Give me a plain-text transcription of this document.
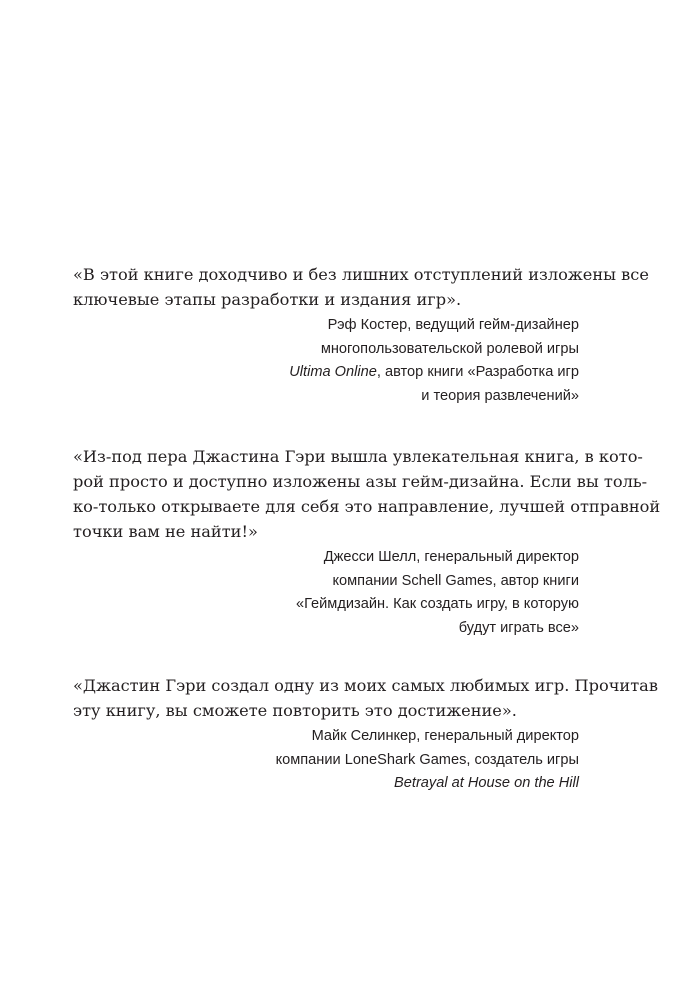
«В этой книге доходчиво и без лишних отступлений изложены все
ключевые этапы разработки и издания игр».

Рэф Костер, ведущий гейм-дизайнер
многопользовательской ролевой игры
Ultima Online, автор книги «Разработка игр
и теория развлечений»

«Из-под пера Джастина Гэри вышла увлекательная книга, в кото-
рой просто и доступно изложены азы гейм-дизайна. Если вы толь-
ко-только открываете для себя это направление, лучшей отправной
точки вам не найти!»

Джесси Шелл, генеральный директор
компании Schell Games, автор книги
«Геймдизайн. Как создать игру, в которую
будут играть все»

«Джастин Гэри создал одну из моих самых любимых игр. Прочитав
эту книгу, вы сможете повторить это достижение».

Майк Селинкер, генеральный директор
компании LoneShark Games, создатель игры
Betrayal at House on the Hill
